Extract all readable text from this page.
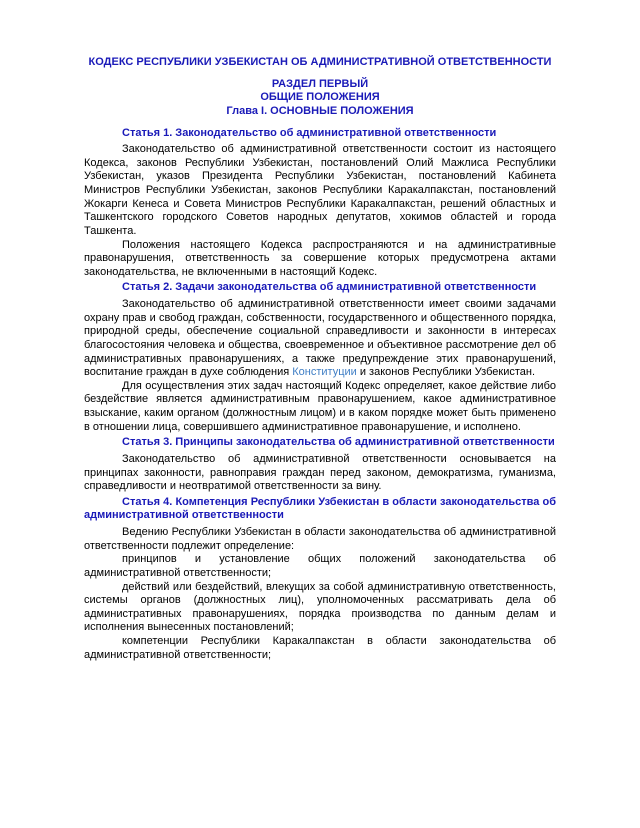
КОДЕКС РЕСПУБЛИКИ УЗБЕКИСТАН ОБ АДМИНИСТРАТИВНОЙ ОТВЕТСТВЕННОСТИ
РАЗДЕЛ ПЕРВЫЙ
ОБЩИЕ ПОЛОЖЕНИЯ
Глава I. ОСНОВНЫЕ ПОЛОЖЕНИЯ

Статья 1. Законодательство об административной ответственности

Законодательство об административной ответственности состоит из настоящего Кодекса, законов Республики Узбекистан, постановлений Олий Мажлиса Республики Узбекистан, указов Президента Республики Узбекистан, постановлений Кабинета Министров Республики Узбекистан, законов Республики Каракалпакстан, постановлений Жокарги Кенеса и Совета Министров Республики Каракалпакстан, решений областных и Ташкентского городского Советов народных депутатов, хокимов областей и города Ташкента.

Положения настоящего Кодекса распространяются и на административные правонарушения, ответственность за совершение которых предусмотрена актами законодательства, не включенными в настоящий Кодекс.

Статья 2. Задачи законодательства об административной ответственности

Законодательство об административной ответственности имеет своими задачами охрану прав и свобод граждан, собственности, государственного и общественного порядка, природной среды, обеспечение социальной справедливости и законности в интересах благосостояния человека и общества, своевременное и объективное рассмотрение дел об административных правонарушениях, а также предупреждение этих правонарушений, воспитание граждан в духе соблюдения Конституции и законов Республики Узбекистан.

Для осуществления этих задач настоящий Кодекс определяет, какое действие либо бездействие является административным правонарушением, какое административное взыскание, каким органом (должностным лицом) и в каком порядке может быть применено в отношении лица, совершившего административное правонарушение, и исполнено.

Статья 3. Принципы законодательства об административной ответственности

Законодательство об административной ответственности основывается на принципах законности, равноправия граждан перед законом, демократизма, гуманизма, справедливости и неотвратимой ответственности за вину.

Статья 4. Компетенция Республики Узбекистан в области законодательства об административной ответственности

Ведению Республики Узбекистан в области законодательства об административной ответственности подлежит определение:

принципов и установление общих положений законодательства об административной ответственности;

действий или бездействий, влекущих за собой административную ответственность, системы органов (должностных лиц), уполномоченных рассматривать дела об административных правонарушениях, порядка производства по данным делам и исполнения вынесенных постановлений;

компетенции Республики Каракалпакстан в области законодательства об административной ответственности;
